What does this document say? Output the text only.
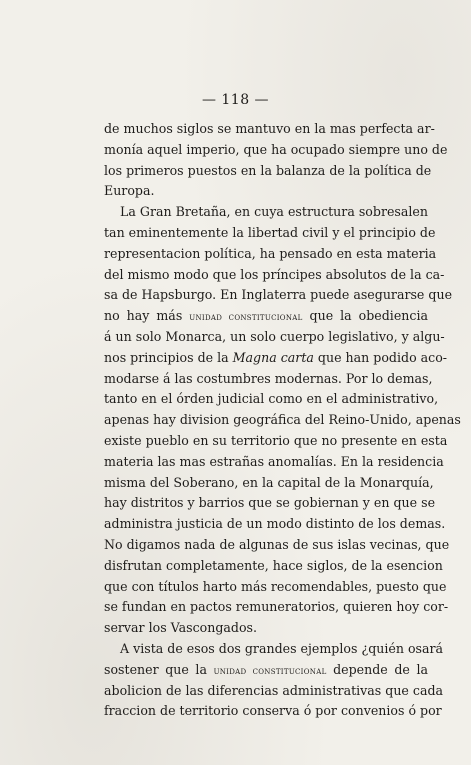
— 118 —

de muchos siglos se mantuvo en la mas perfecta ar-
monía aquel imperio, que ha ocupado siempre uno de
los primeros puestos en la balanza de la política de
Europa.

La Gran Bretaña, en cuya estructura sobresalen
tan eminentemente la libertad civil y el principio de
representacion política, ha pensado en esta materia
del mismo modo que los príncipes absolutos de la ca-
sa de Hapsburgo. En Inglaterra puede asegurarse que
no hay más unidad constitucional que la obediencia
á un solo Monarca, un solo cuerpo legislativo, y algu-
nos principios de la Magna carta que han podido aco-
modarse á las costumbres modernas. Por lo demas,
tanto en el órden judicial como en el administrativo,
apenas hay division geográfica del Reino-Unido, apenas
existe pueblo en su territorio que no presente en esta
materia las mas estrañas anomalías. En la residencia
misma del Soberano, en la capital de la Monarquía,
hay distritos y barrios que se gobiernan y en que se
administra justicia de un modo distinto de los demas.
No digamos nada de algunas de sus islas vecinas, que
disfrutan completamente, hace siglos, de la esencion
que con títulos harto más recomendables, puesto que
se fundan en pactos remuneratorios, quieren hoy cor-
servar los Vascongados.

A vista de esos dos grandes ejemplos ¿quién osará
sostener que la unidad constitucional depende de la
abolicion de las diferencias administrativas que cada
fraccion de territorio conserva ó por convenios ó por
